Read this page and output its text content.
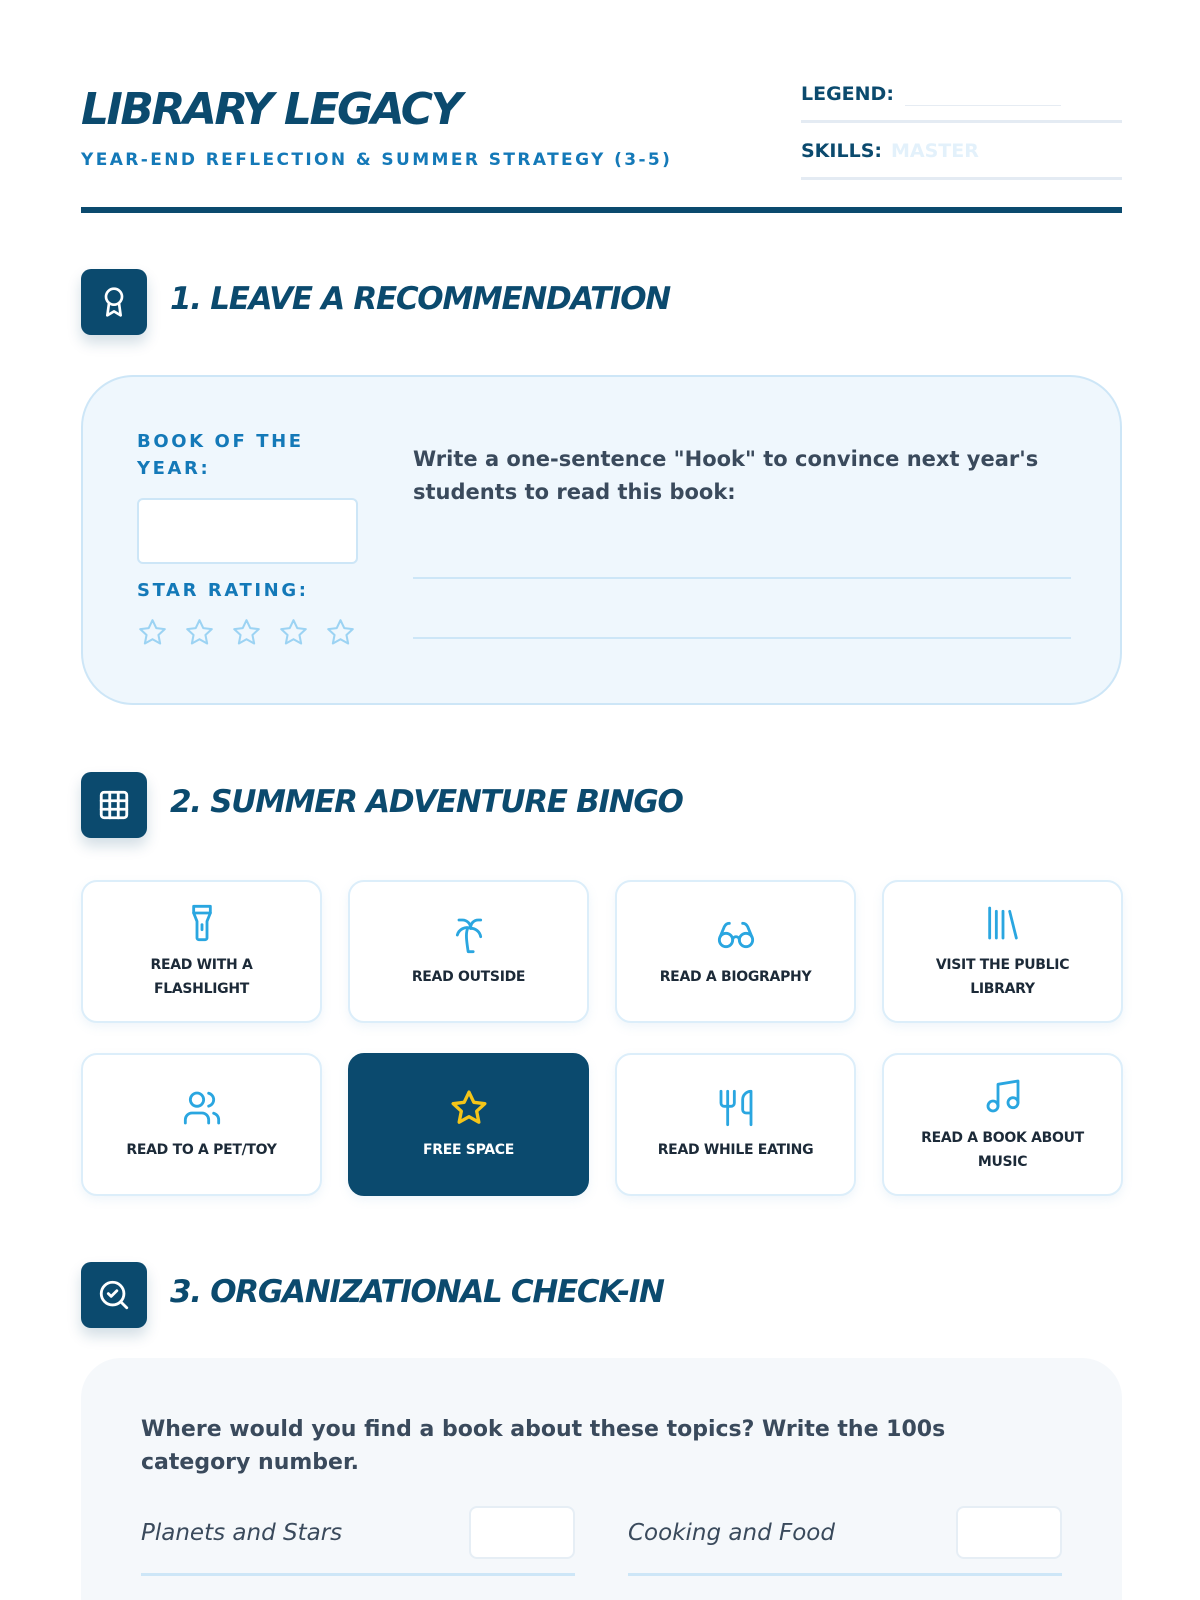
LIBRARY LEGACY
YEAR-END REFLECTION & SUMMER STRATEGY (3-5)
LEGEND:
SKILLS: MASTER
1. LEAVE A RECOMMENDATION
BOOK OF THE YEAR:
STAR RATING:
Write a one-sentence "Hook" to convince next year's students to read this book:
2. SUMMER ADVENTURE BINGO
READ WITH A FLASHLIGHT
READ OUTSIDE	READ A BIOGRAPHY
VISIT THE PUBLIC LIBRARY
READ TO A PET/TOY	FREE SPACE	READ WHILE EATING
READ A BOOK ABOUT MUSIC
3. ORGANIZATIONAL CHECK-IN
Where would you find a book about these topics? Write the 100s category number.
Planets and Stars	Cooking and Food
